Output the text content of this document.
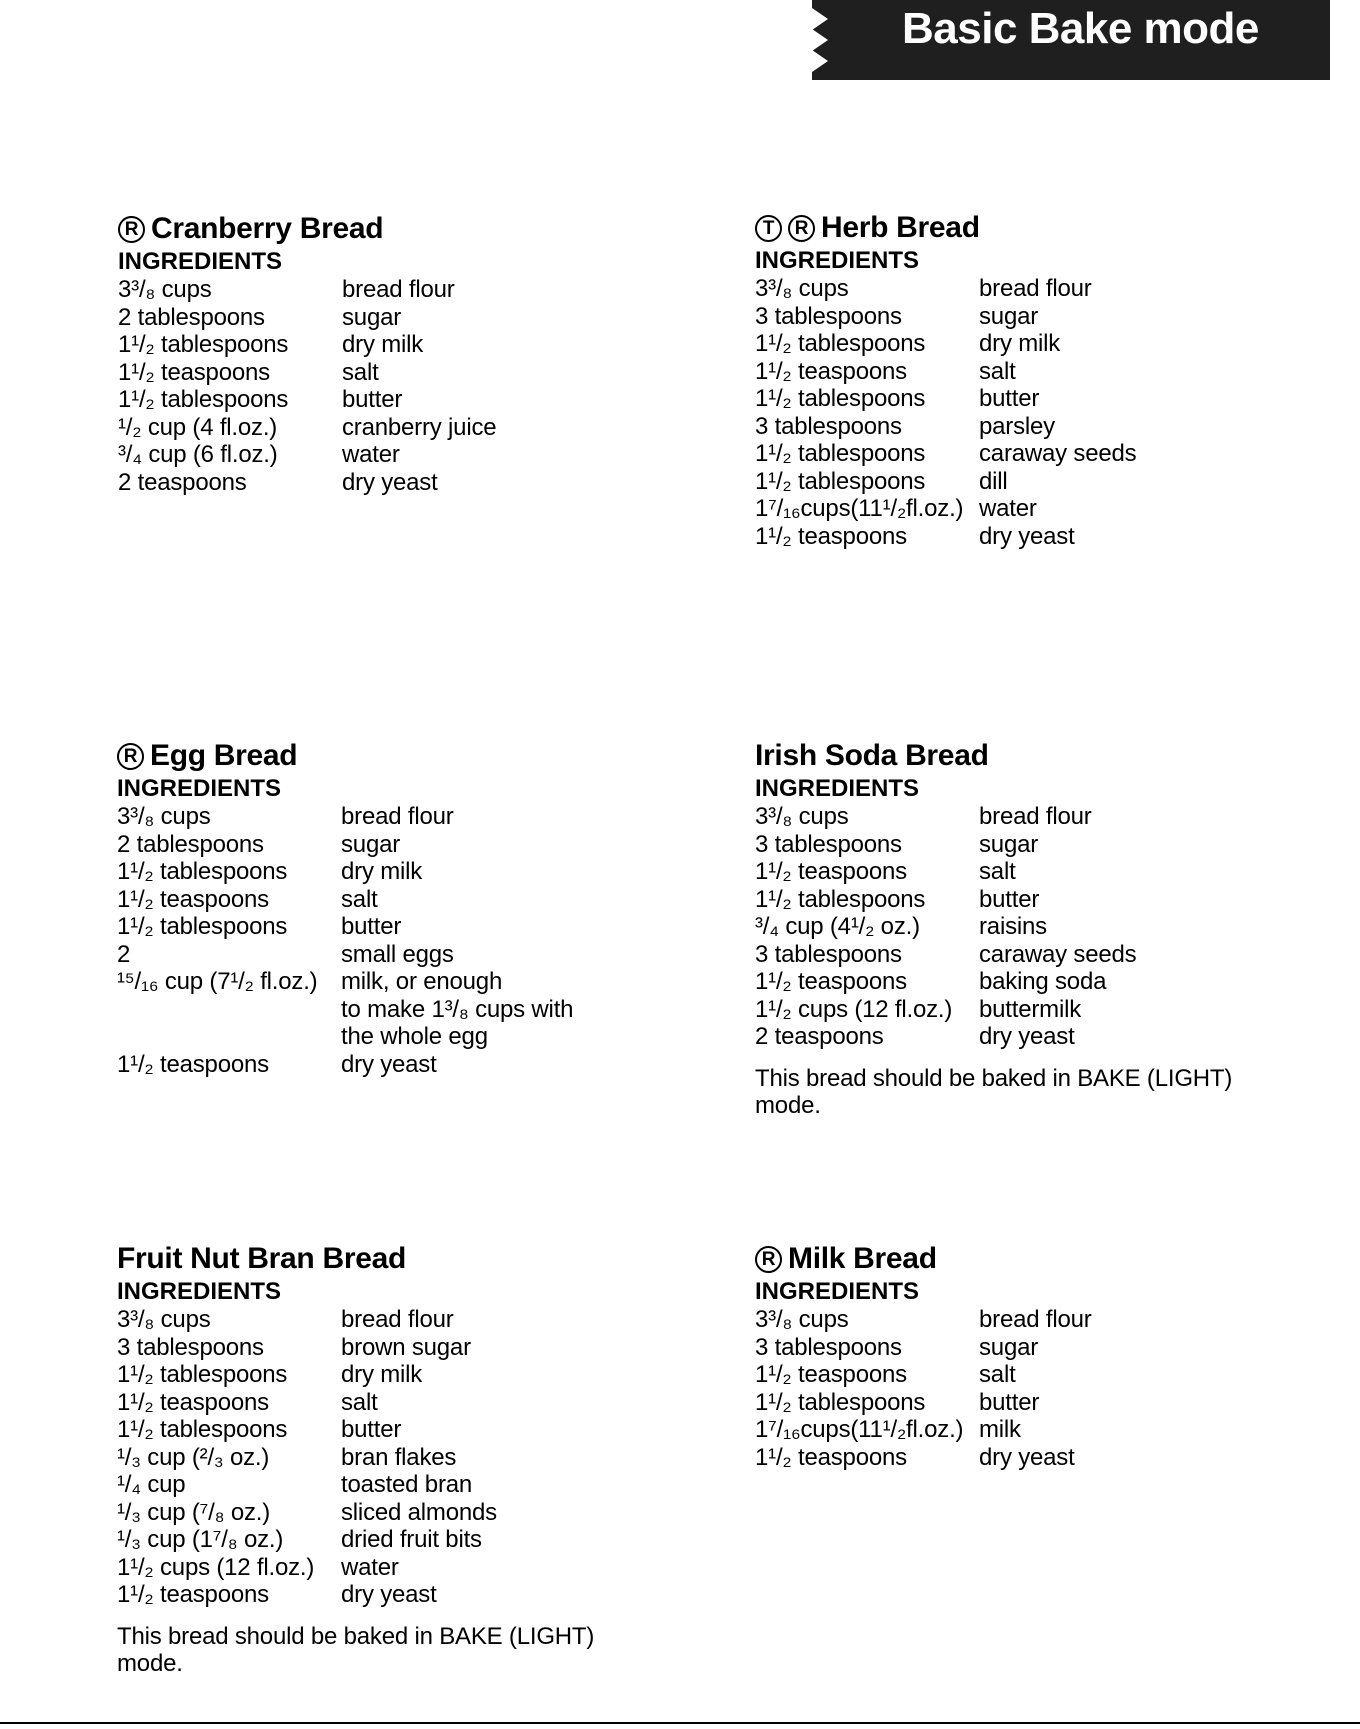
Basic Bake mode
R Cranberry Bread
INGREDIENTS
3³/₈ cups	bread flour
2 tablespoons	sugar
1¹/₂ tablespoons	dry milk
1¹/₂ teaspoons	salt
1¹/₂ tablespoons	butter
¹/₂ cup (4 fl.oz.)	cranberry juice
³/₄ cup (6 fl.oz.)	water
2 teaspoons	dry yeast
T	R Herb Bread
INGREDIENTS
3³/₈ cups	bread flour
3 tablespoons	sugar
1¹/₂ tablespoons	dry milk
1¹/₂ teaspoons	salt
1¹/₂ tablespoons	butter
3 tablespoons	parsley
1¹/₂ tablespoons	caraway seeds
1¹/₂ tablespoons	dill
1⁷/₁₆cups(11¹/₂fl.oz.) water
1¹/₂ teaspoons	dry yeast
R Egg Bread
INGREDIENTS
3³/₈ cups	bread flour
2 tablespoons	sugar
1¹/₂ tablespoons	dry milk
1¹/₂ teaspoons	salt
1¹/₂ tablespoons	butter
2	small eggs
¹⁵/₁₆ cup (7¹/₂ fl.oz.) milk, or enough
to make 1³/₈ cups with
the whole egg
1¹/₂ teaspoons	dry yeast
Irish Soda Bread
INGREDIENTS
3³/₈ cups	bread flour
3 tablespoons	sugar
1¹/₂ teaspoons	salt
1¹/₂ tablespoons	butter
³/₄ cup (4¹/₂ oz.)	raisins
3 tablespoons	caraway seeds
1¹/₂ teaspoons	baking soda
1¹/₂ cups (12 fl.oz.)	buttermilk
2 teaspoons	dry yeast
This bread should be baked in BAKE (LIGHT) mode.
Fruit Nut Bran Bread
INGREDIENTS
3³/₈ cups	bread flour
3 tablespoons	brown sugar
1¹/₂ tablespoons	dry milk
1¹/₂ teaspoons	salt
1¹/₂ tablespoons	butter
¹/₃ cup (²/₃ oz.)	bran flakes
¹/₄ cup	toasted bran
¹/₃ cup (⁷/₈ oz.)	sliced almonds
¹/₃ cup (1⁷/₈ oz.)	dried fruit bits
1¹/₂ cups (12 fl.oz.)	water
1¹/₂ teaspoons	dry yeast
This bread should be baked in BAKE (LIGHT) mode.
R Milk Bread
INGREDIENTS
3³/₈ cups	bread flour
3 tablespoons	sugar
1¹/₂ teaspoons	salt
1¹/₂ tablespoons	butter
1⁷/₁₆cups(11¹/₂fl.oz.) milk
1¹/₂ teaspoons	dry yeast
